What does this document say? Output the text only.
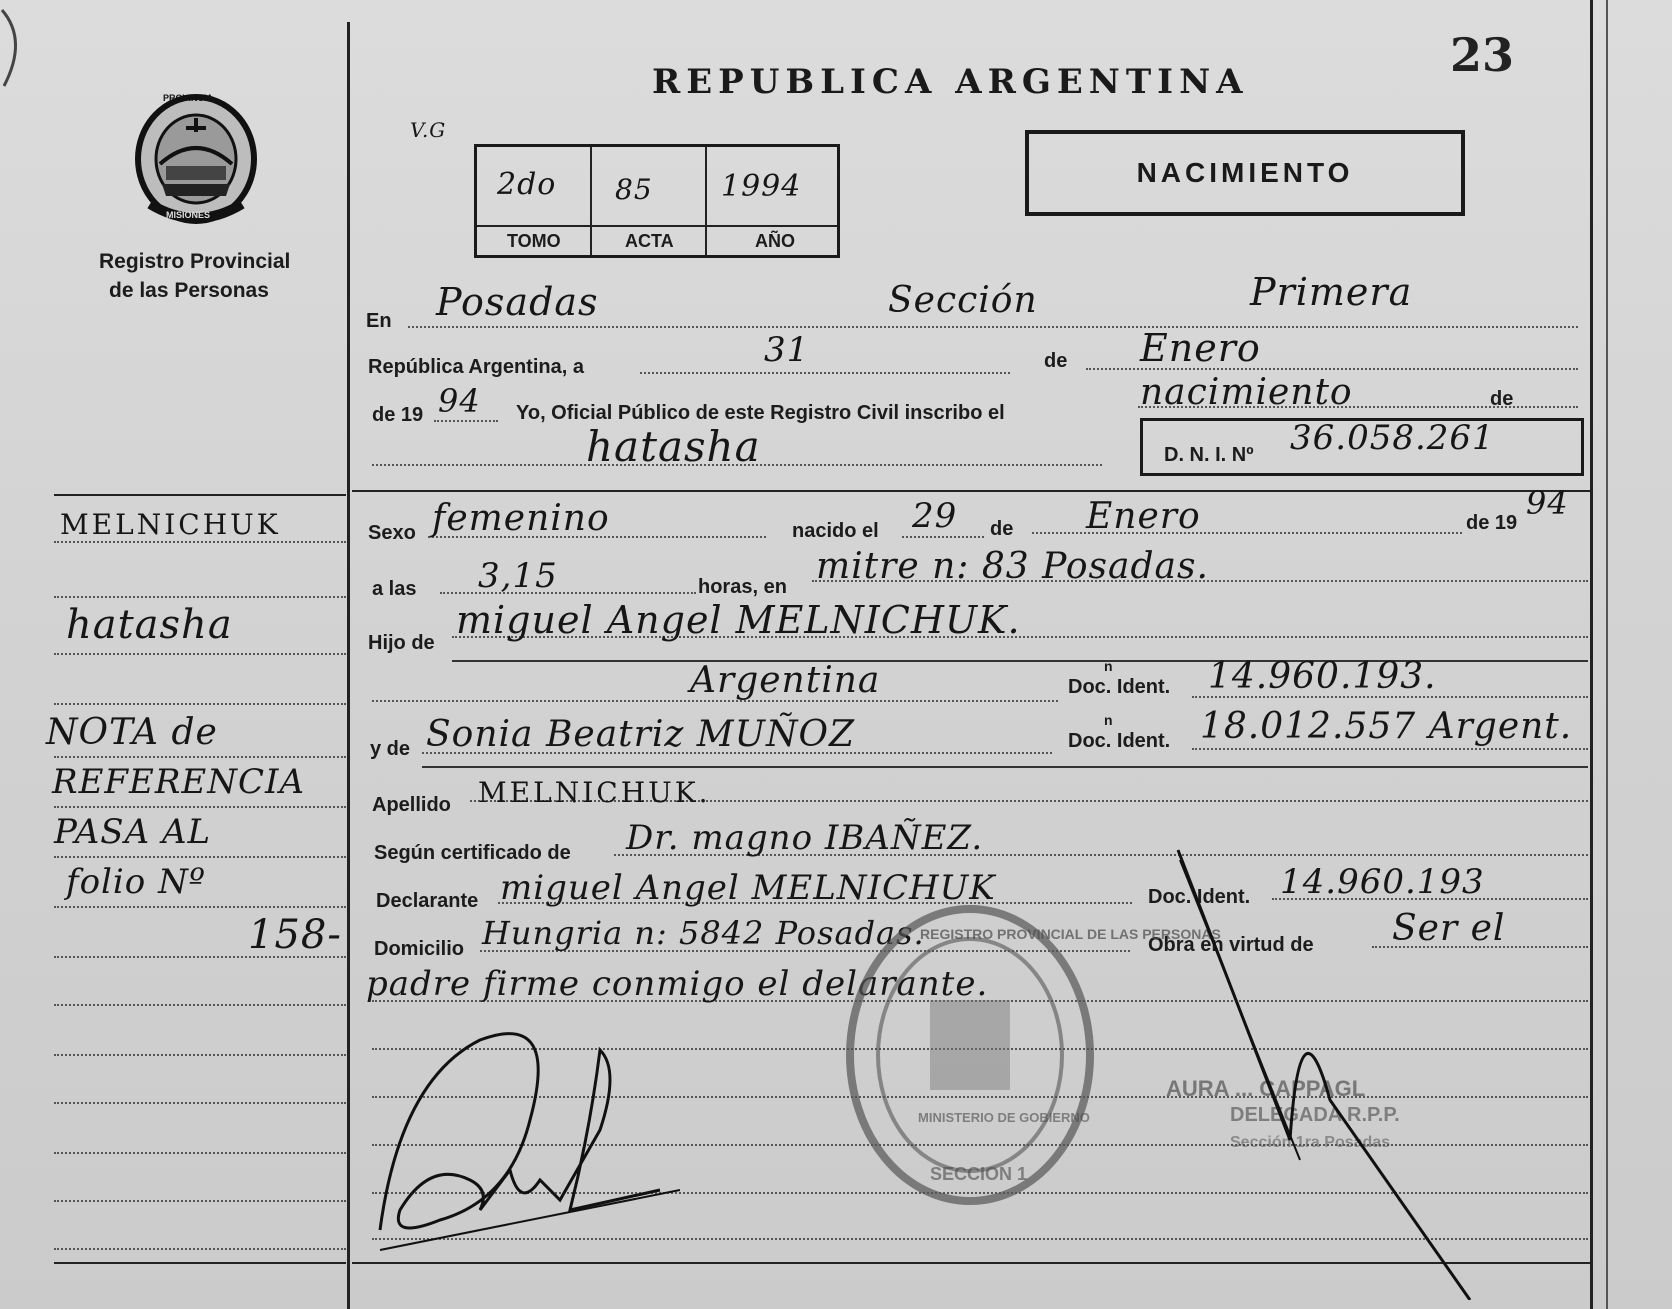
REPUBLICA ARGENTINA	23
V.G
NACIMIENTO
2do 85 1994
TOMO	ACTA	AÑO
PROVINCIA
MISIONES
Registro Provincial
de las Personas
MELNICHUK
hatasha
NOTA de
REFERENCIA
PASA AL
folio Nº
158-
En Posadas	Sección	Primera
República Argentina, a	31	de Enero
de 19 94 Yo, Oficial Público de este Registro Civil inscribo el	nacimiento	de
hatasha	D. N. I. Nº 36.058.261
Sexo femenino	nacido el 29 de Enero	de 19
94
a las 3,15	horas, en mitre n: 83 Posadas.
Hijo de
miguel Angel MELNICHUK.
Argentina	Doc. Ident.
n	14.960.193.
y de Sonia Beatriz MUÑOZ	Doc. Ident.
n 18.012.557 Argent.
Apellido MELNICHUK.
Según certificado de Dr. magno IBAÑEZ.
Declarante miguel Angel MELNICHUK	Doc. Ident. 14.960.193
Domicilio Hungria n: 5842 Posadas.	Obra en virtud de Ser el
padre firme conmigo el delarante.
REGISTRO PROVINCIAL DE LAS PERSONAS
MINISTERIO DE GOBIERNO
SECCION 1
AURA ... CAPPAGL
DELEGADA R.P.P.
Sección 1ra Posadas
